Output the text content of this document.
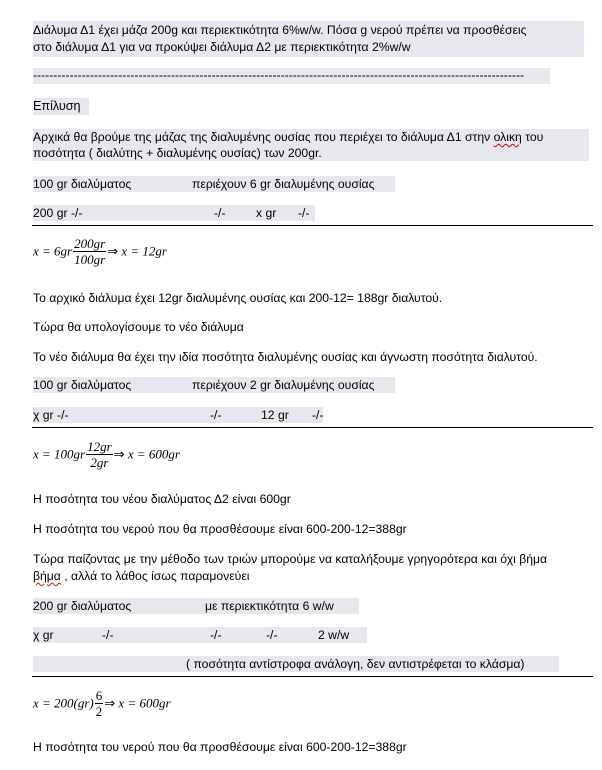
Διάλυμα Δ1 έχει μάζα 200g και περιεκτικότητα 6%w/w. Πόσα g νερού πρέπει να προσθέσεις
στο διάλυμα Δ1 για να προκύψει διάλυμα Δ2 με περιεκτικότητα 2%w/w
-------------------------------------------------------------------------------------------------------------------------
Επίλυση
Αρχικά θα βρούμε της μάζας της διαλυμένης ουσίας που περιέχει το διάλυμα Δ1 στην ολικη του
ποσότητα ( διαλύτης + διαλυμένης ουσίας) των 200gr.
100 gr διαλύματος	περιέχουν 6 gr διαλυμένης ουσίας
200 gr -/-	-/- x gr -/-
$x = 6gr \frac{200gr}{100gr}$ ⇒ x = 12gr
Το αρχικό διάλυμα έχει 12gr διαλυμένης ουσίας και 200-12= 188gr διαλυτού.
Τώρα θα υπολογίσουμε το νέο διάλυμα
Το νέο διάλυμα θα έχει την ιδία ποσότητα διαλυμένης ουσίας και άγνωστη ποσότητα διαλυτού.
100 gr διαλύματος	περιέχουν 2 gr διαλυμένης ουσίας
χ gr -/-	-/-	12 gr -/-
$x = 100gr \frac{12gr}{2gr}$ ⇒ x = 600gr
Η ποσότητα του νέου διαλύματος Δ2 είναι 600gr
Η ποσότητα του νερού που θα προσθέσουμε είναι 600-200-12=388gr
Τώρα παίζοντας με την μέθοδο των τριών μπορούμε να καταλήξουμε γρηγορότερα και όχι βήμα
βήμα , αλλά το λάθος ίσως παραμονεύει
200 gr διαλύματος	με περιεκτικότητα 6 w/w
χ gr	-/-	-/-	-/-	2 w/w
( ποσότητα αντίστροφα ανάλογη, δεν αντιστρέφεται το κλάσμα)
$x = 200(gr) \frac{6}{2}$ ⇒ x = 600gr
Η ποσότητα του νερού που θα προσθέσουμε είναι 600-200-12=388gr
